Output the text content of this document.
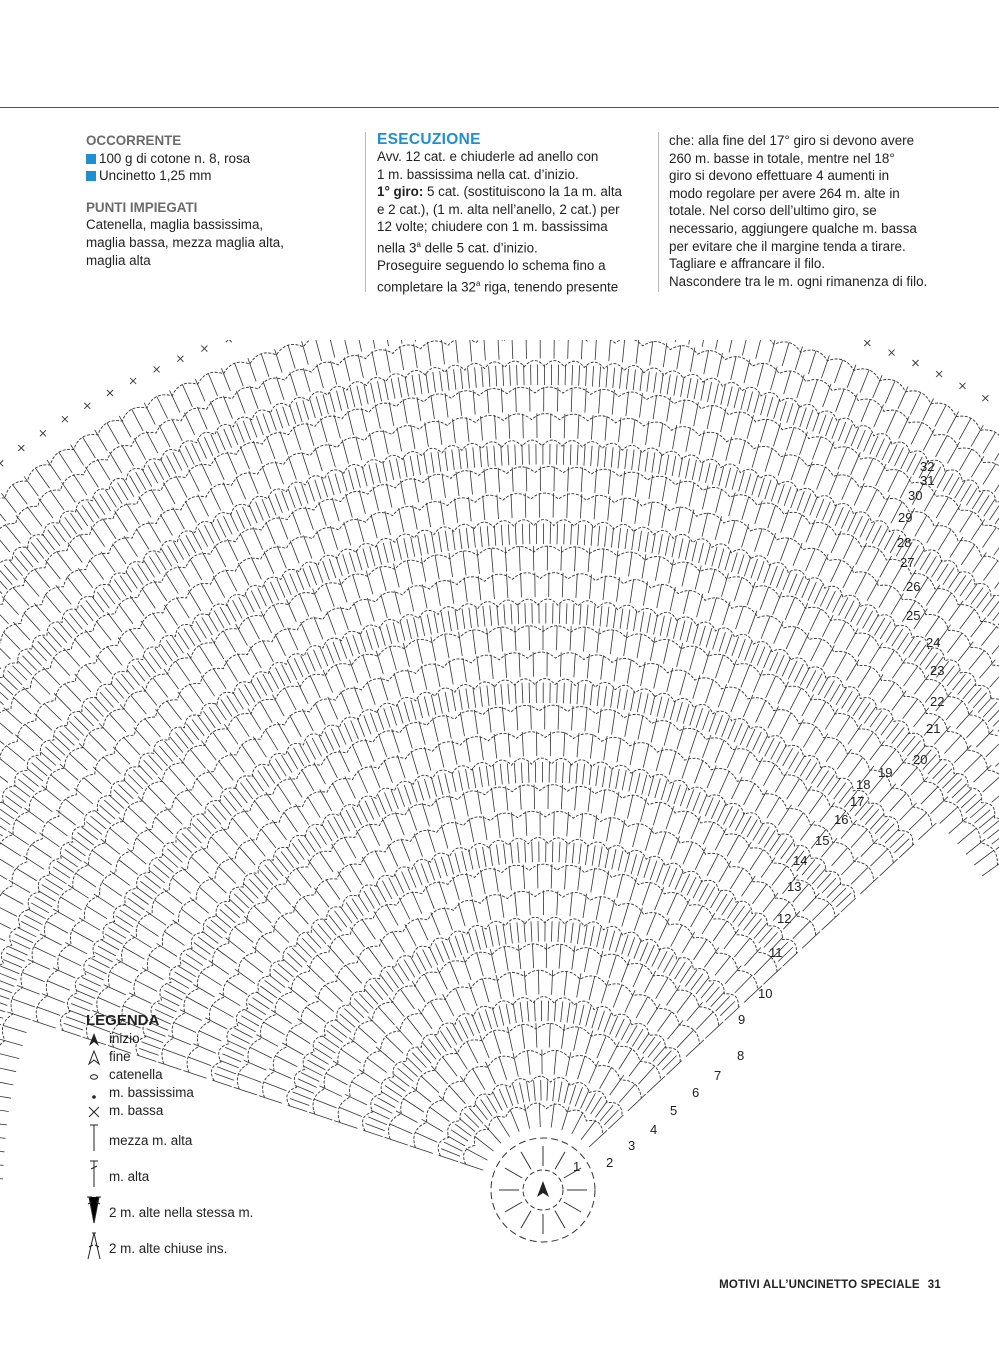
OCCORRENTE

100 g di cotone n. 8, rosa

Uncinetto 1,25 mm

PUNTI IMPIEGATI

Catenella, maglia bassissima,

maglia bassa, mezza maglia alta,

maglia alta

ESECUZIONE

Avv. 12 cat. e chiuderle ad anello con

1 m. bassissima nella cat. d’inizio.

1° giro: 5 cat. (sostituiscono la 1a m. alta

e 2 cat.), (1 m. alta nell’anello, 2 cat.) per

12 volte; chiudere con 1 m. bassissima

nella 3$^a$ delle 5 cat. d’inizio.

Proseguire seguendo lo schema fino a

completare la 32$^a$ riga, tenendo presente

che: alla fine del 17° giro si devono avere

260 m. basse in totale, mentre nel 18°

giro si devono effettuare 4 aumenti in

modo regolare per avere 264 m. alte in

totale. Nel corso dell’ultimo giro, se

necessario, aggiungere qualche m. bassa

per evitare che il margine tenda a tirare.

Tagliare e affrancare il filo.

Nascondere tra le m. ogni rimanenza di filo.

1 2
3
4
5
6
7
8
9
10
11
12
13
14
15
16
17
18
19
20
21
22
23
24
25
26
27
28
29
30
31
32
LEGENDA
inizio
fine
catenella
m. bassissima
m. bassa
mezza m. alta
m. alta
2 m. alte nella stessa m.
2 m. alte chiuse ins.
MOTIVI ALL’UNCINETTO SPECIALE 31
